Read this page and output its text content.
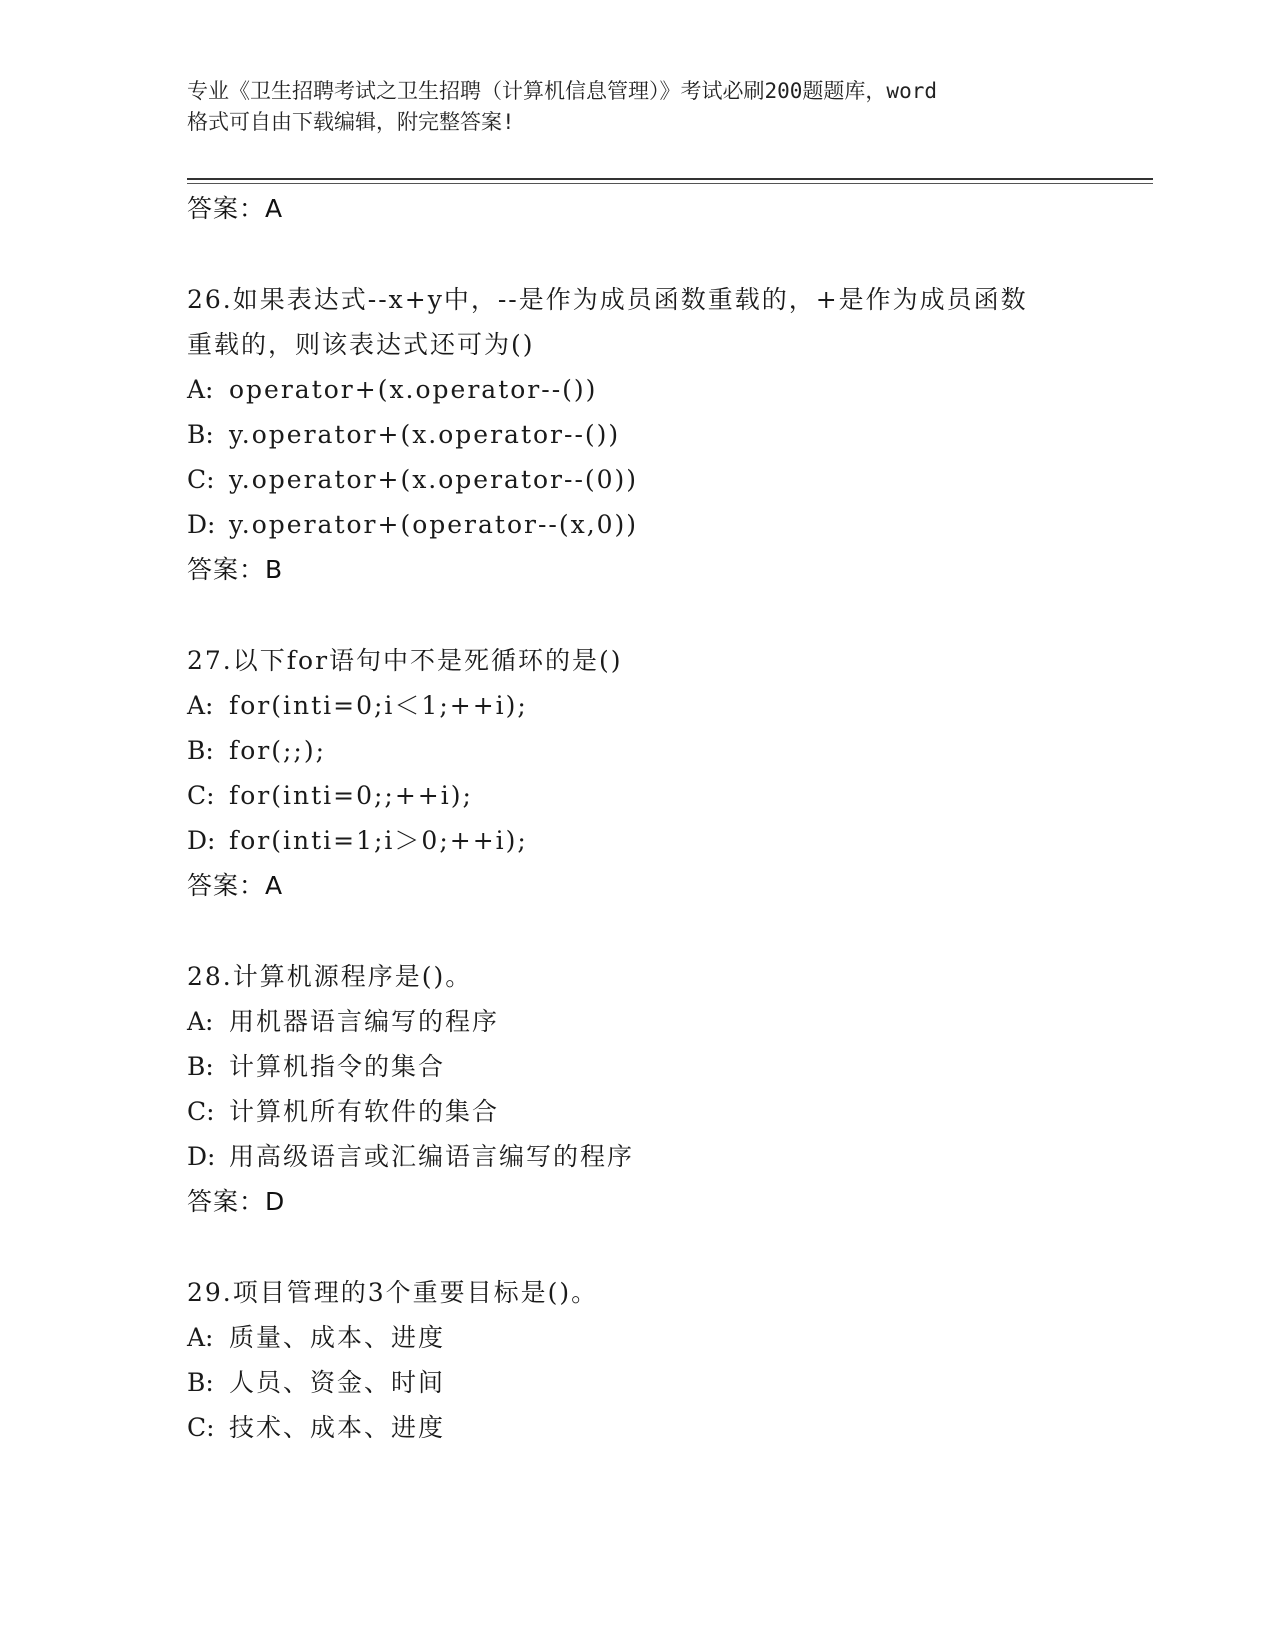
专业《卫生招聘考试之卫生招聘（计算机信息管理）》考试必刷200题题库，word
格式可自由下载编辑，附完整答案!
答案：A
26.如果表达式--x+y中，--是作为成员函数重载的，+是作为成员函数
重载的，则该表达式还可为()
A: operator+(x.operator--())
B: y.operator+(x.operator--())
C: y.operator+(x.operator--(0))
D: y.operator+(operator--(x,0))
答案：B
27.以下for语句中不是死循环的是()
A: for(inti=0;i＜1;++i);
B: for(;;);
C: for(inti=0;;++i);
D: for(inti=1;i＞0;++i);
答案：A
28.计算机源程序是()。
A: 用机器语言编写的程序
B: 计算机指令的集合
C: 计算机所有软件的集合
D: 用高级语言或汇编语言编写的程序
答案：D
29.项目管理的3个重要目标是()。
A: 质量、成本、进度
B: 人员、资金、时间
C: 技术、成本、进度
